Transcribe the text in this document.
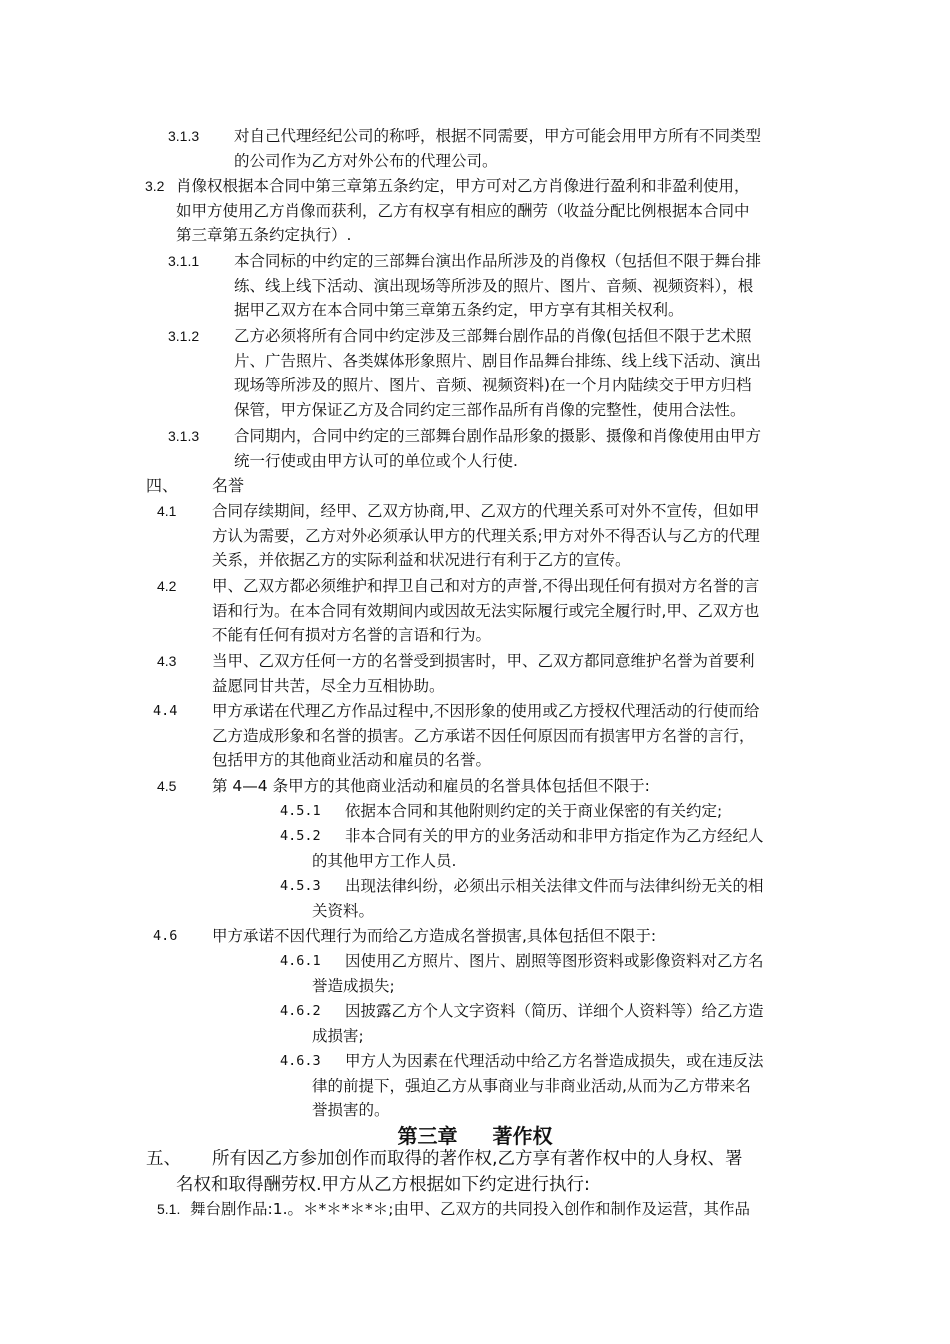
3.1.3 对自己代理经纪公司的称呼，根据不同需要，甲方可能会用甲方所有不同类型
的公司作为乙方对外公布的代理公司。
3.2 肖像权根据本合同中第三章第五条约定，甲方可对乙方肖像进行盈利和非盈利使用，
如甲方使用乙方肖像而获利，乙方有权享有相应的酬劳（收益分配比例根据本合同中
第三章第五条约定执行）.
3.1.1 本合同标的中约定的三部舞台演出作品所涉及的肖像权（包括但不限于舞台排
练、线上线下活动、演出现场等所涉及的照片、图片、音频、视频资料），根
据甲乙双方在本合同中第三章第五条约定，甲方享有其相关权利。
3.1.2 乙方必须将所有合同中约定涉及三部舞台剧作品的肖像(包括但不限于艺术照
片、广告照片、各类媒体形象照片、剧目作品舞台排练、线上线下活动、演出
现场等所涉及的照片、图片、音频、视频资料)在一个月内陆续交于甲方归档
保管，甲方保证乙方及合同约定三部作品所有肖像的完整性，使用合法性。
3.1.3 合同期内，合同中约定的三部舞台剧作品形象的摄影、摄像和肖像使用由甲方
统一行使或由甲方认可的单位或个人行使.
四、 名誉
4.1 合同存续期间，经甲、乙双方协商,甲、乙双方的代理关系可对外不宣传，但如甲
方认为需要，乙方对外必须承认甲方的代理关系;甲方对外不得否认与乙方的代理
关系，并依据乙方的实际利益和状况进行有利于乙方的宣传。
4.2 甲、乙双方都必须维护和捍卫自己和对方的声誉,不得出现任何有损对方名誉的言
语和行为。在本合同有效期间内或因故无法实际履行或完全履行时,甲、乙双方也
不能有任何有损对方名誉的言语和行为。
4.3 当甲、乙双方任何一方的名誉受到损害时，甲、乙双方都同意维护名誉为首要利
益愿同甘共苦，尽全力互相协助。
4.4 甲方承诺在代理乙方作品过程中,不因形象的使用或乙方授权代理活动的行使而给
乙方造成形象和名誉的损害。乙方承诺不因任何原因而有损害甲方名誉的言行，
包括甲方的其他商业活动和雇员的名誉。
4.5 第 4—4 条甲方的其他商业活动和雇员的名誉具体包括但不限于:
4.5.1 依据本合同和其他附则约定的关于商业保密的有关约定;
4.5.2 非本合同有关的甲方的业务活动和非甲方指定作为乙方经纪人
的其他甲方工作人员.
4.5.3 出现法律纠纷，必须出示相关法律文件而与法律纠纷无关的相
关资料。
4.6 甲方承诺不因代理行为而给乙方造成名誉损害,具体包括但不限于:
4.6.1 因使用乙方照片、图片、剧照等图形资料或影像资料对乙方名
誉造成损失;
4.6.2 因披露乙方个人文字资料（简历、详细个人资料等）给乙方造
成损害;
4.6.3 甲方人为因素在代理活动中给乙方名誉造成损失，或在违反法
律的前提下，强迫乙方从事商业与非商业活动,从而为乙方带来名
誉损害的。
第三章 著作权
五、 所有因乙方参加创作而取得的著作权,乙方享有著作权中的人身权、署
名权和取得酬劳权.甲方从乙方根据如下约定进行执行:
5.1. 舞台剧作品:1.。＊*＊*＊*＊;由甲、乙双方的共同投入创作和制作及运营，其作品
